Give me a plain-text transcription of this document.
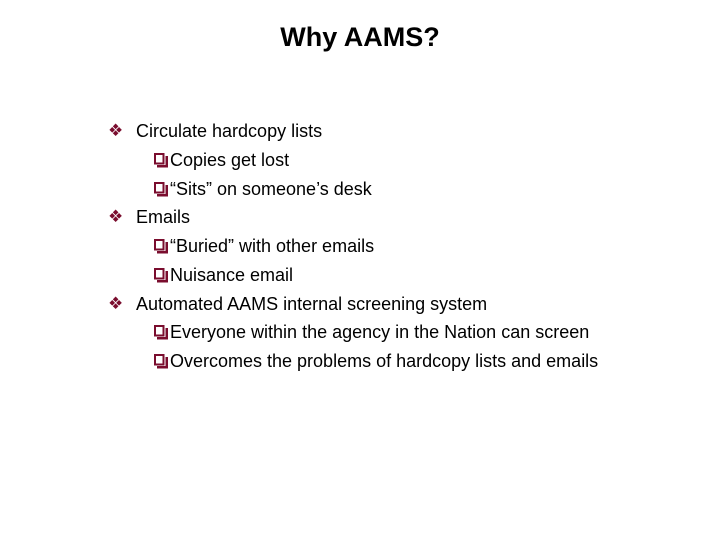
Why AAMS?
❖ Circulate hardcopy lists
Copies get lost
“Sits” on someone’s desk
❖ Emails
“Buried” with other emails
Nuisance email
❖ Automated AAMS internal screening system
Everyone within the agency in the Nation can screen
Overcomes the problems of hardcopy lists and emails
